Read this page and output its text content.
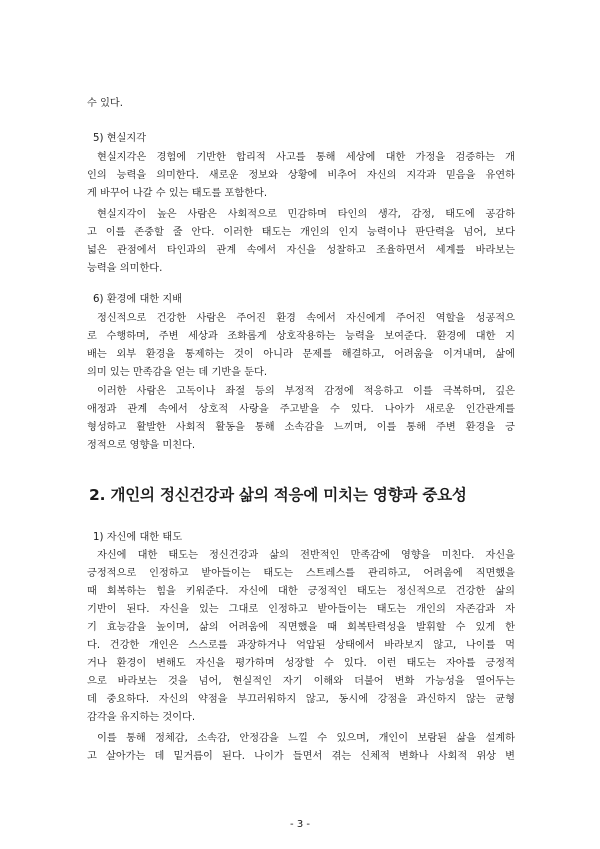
수 있다.
5) 현실지각
현실지각은 경험에 기반한 합리적 사고를 통해 세상에 대한 가정을 검증하는 개
인의 능력을 의미한다. 새로운 정보와 상황에 비추어 자신의 지각과 믿음을 유연하
게 바꾸어 나갈 수 있는 태도를 포함한다.
현실지각이 높은 사람은 사회적으로 민감하며 타인의 생각, 감정, 태도에 공감하
고 이를 존중할 줄 안다. 이러한 태도는 개인의 인지 능력이나 판단력을 넘어, 보다
넓은 관점에서 타인과의 관계 속에서 자신을 성찰하고 조율하면서 세계를 바라보는
능력을 의미한다.
6) 환경에 대한 지배
정신적으로 건강한 사람은 주어진 환경 속에서 자신에게 주어진 역할을 성공적으
로 수행하며, 주변 세상과 조화롭게 상호작용하는 능력을 보여준다. 환경에 대한 지
배는 외부 환경을 통제하는 것이 아니라 문제를 해결하고, 어려움을 이겨내며, 삶에
의미 있는 만족감을 얻는 데 기반을 둔다.
이러한 사람은 고독이나 좌절 등의 부정적 감정에 적응하고 이를 극복하며, 깊은
애정과 관계 속에서 상호적 사랑을 주고받을 수 있다. 나아가 새로운 인간관계를
형성하고 활발한 사회적 활동을 통해 소속감을 느끼며, 이를 통해 주변 환경을 긍
정적으로 영향을 미친다.
2. 개인의 정신건강과 삶의 적응에 미치는 영향과 중요성
1) 자신에 대한 태도
자신에 대한 태도는 정신건강과 삶의 전반적인 만족감에 영향을 미친다. 자신을
긍정적으로 인정하고 받아들이는 태도는 스트레스를 관리하고, 어려움에 직면했을
때 회복하는 힘을 키워준다. 자신에 대한 긍정적인 태도는 정신적으로 건강한 삶의
기반이 된다. 자신을 있는 그대로 인정하고 받아들이는 태도는 개인의 자존감과 자
기 효능감을 높이며, 삶의 어려움에 직면했을 때 회복탄력성을 발휘할 수 있게 한
다. 건강한 개인은 스스로를 과장하거나 억압된 상태에서 바라보지 않고, 나이를 먹
거나 환경이 변해도 자신을 평가하며 성장할 수 있다. 이런 태도는 자아를 긍정적
으로 바라보는 것을 넘어, 현실적인 자기 이해와 더불어 변화 가능성을 열어두는
데 중요하다. 자신의 약점을 부끄러워하지 않고, 동시에 강점을 과신하지 않는 균형
감각을 유지하는 것이다.
이를 통해 정체감, 소속감, 안정감을 느낄 수 있으며, 개인이 보람된 삶을 설계하
고 살아가는 데 밑거름이 된다. 나이가 들면서 겪는 신체적 변화나 사회적 위상 변
- 3 -
